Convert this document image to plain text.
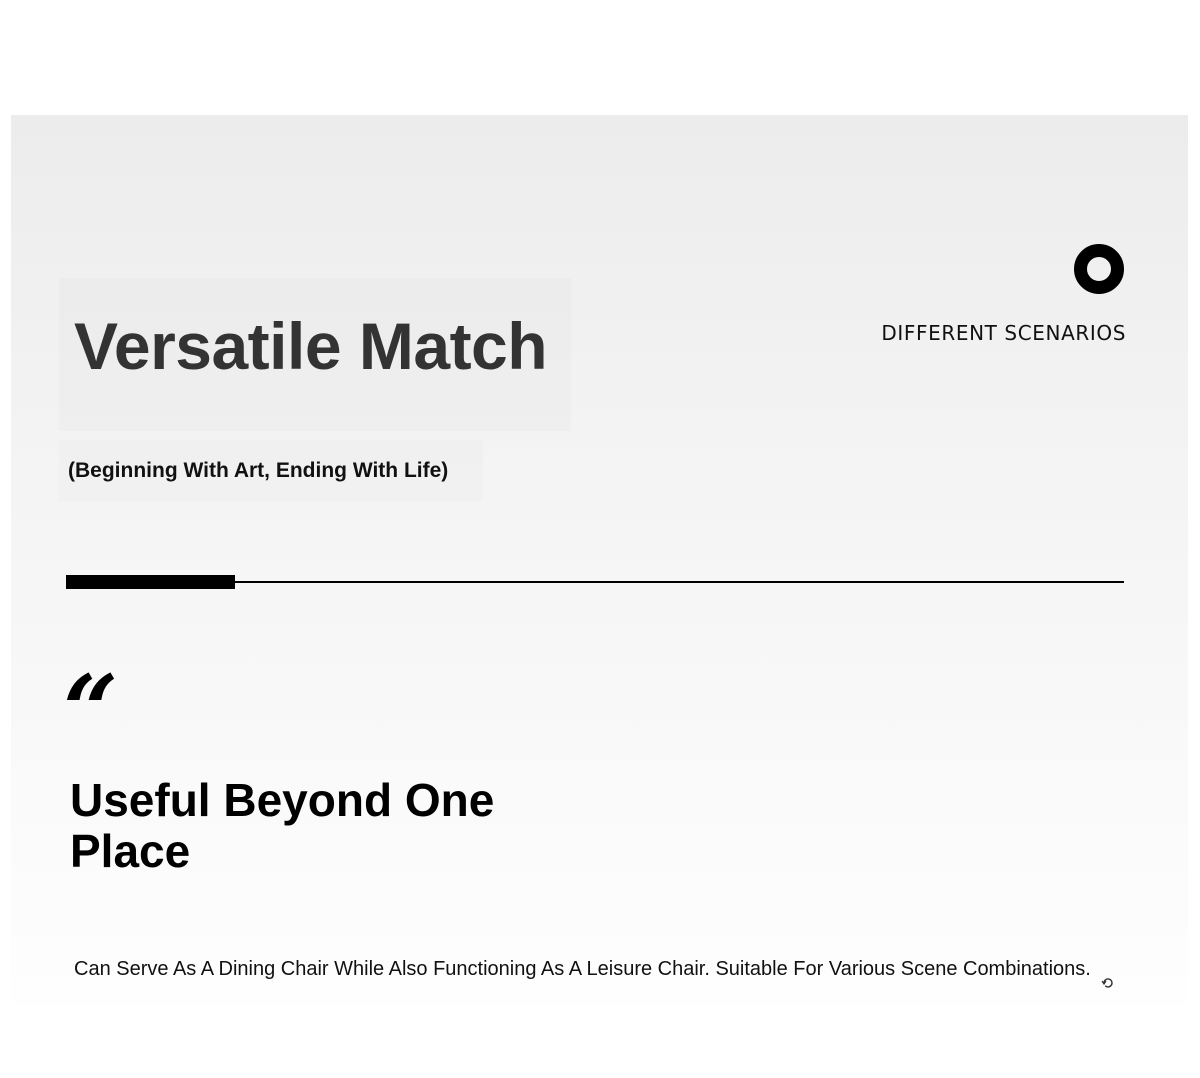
Versatile Match
(Beginning With Art, Ending With Life)
DIFFERENT SCENARIOS
“
Useful Beyond One Place
Can Serve As A Dining Chair While Also Functioning As A Leisure Chair. Suitable For Various Scene Combinations.
